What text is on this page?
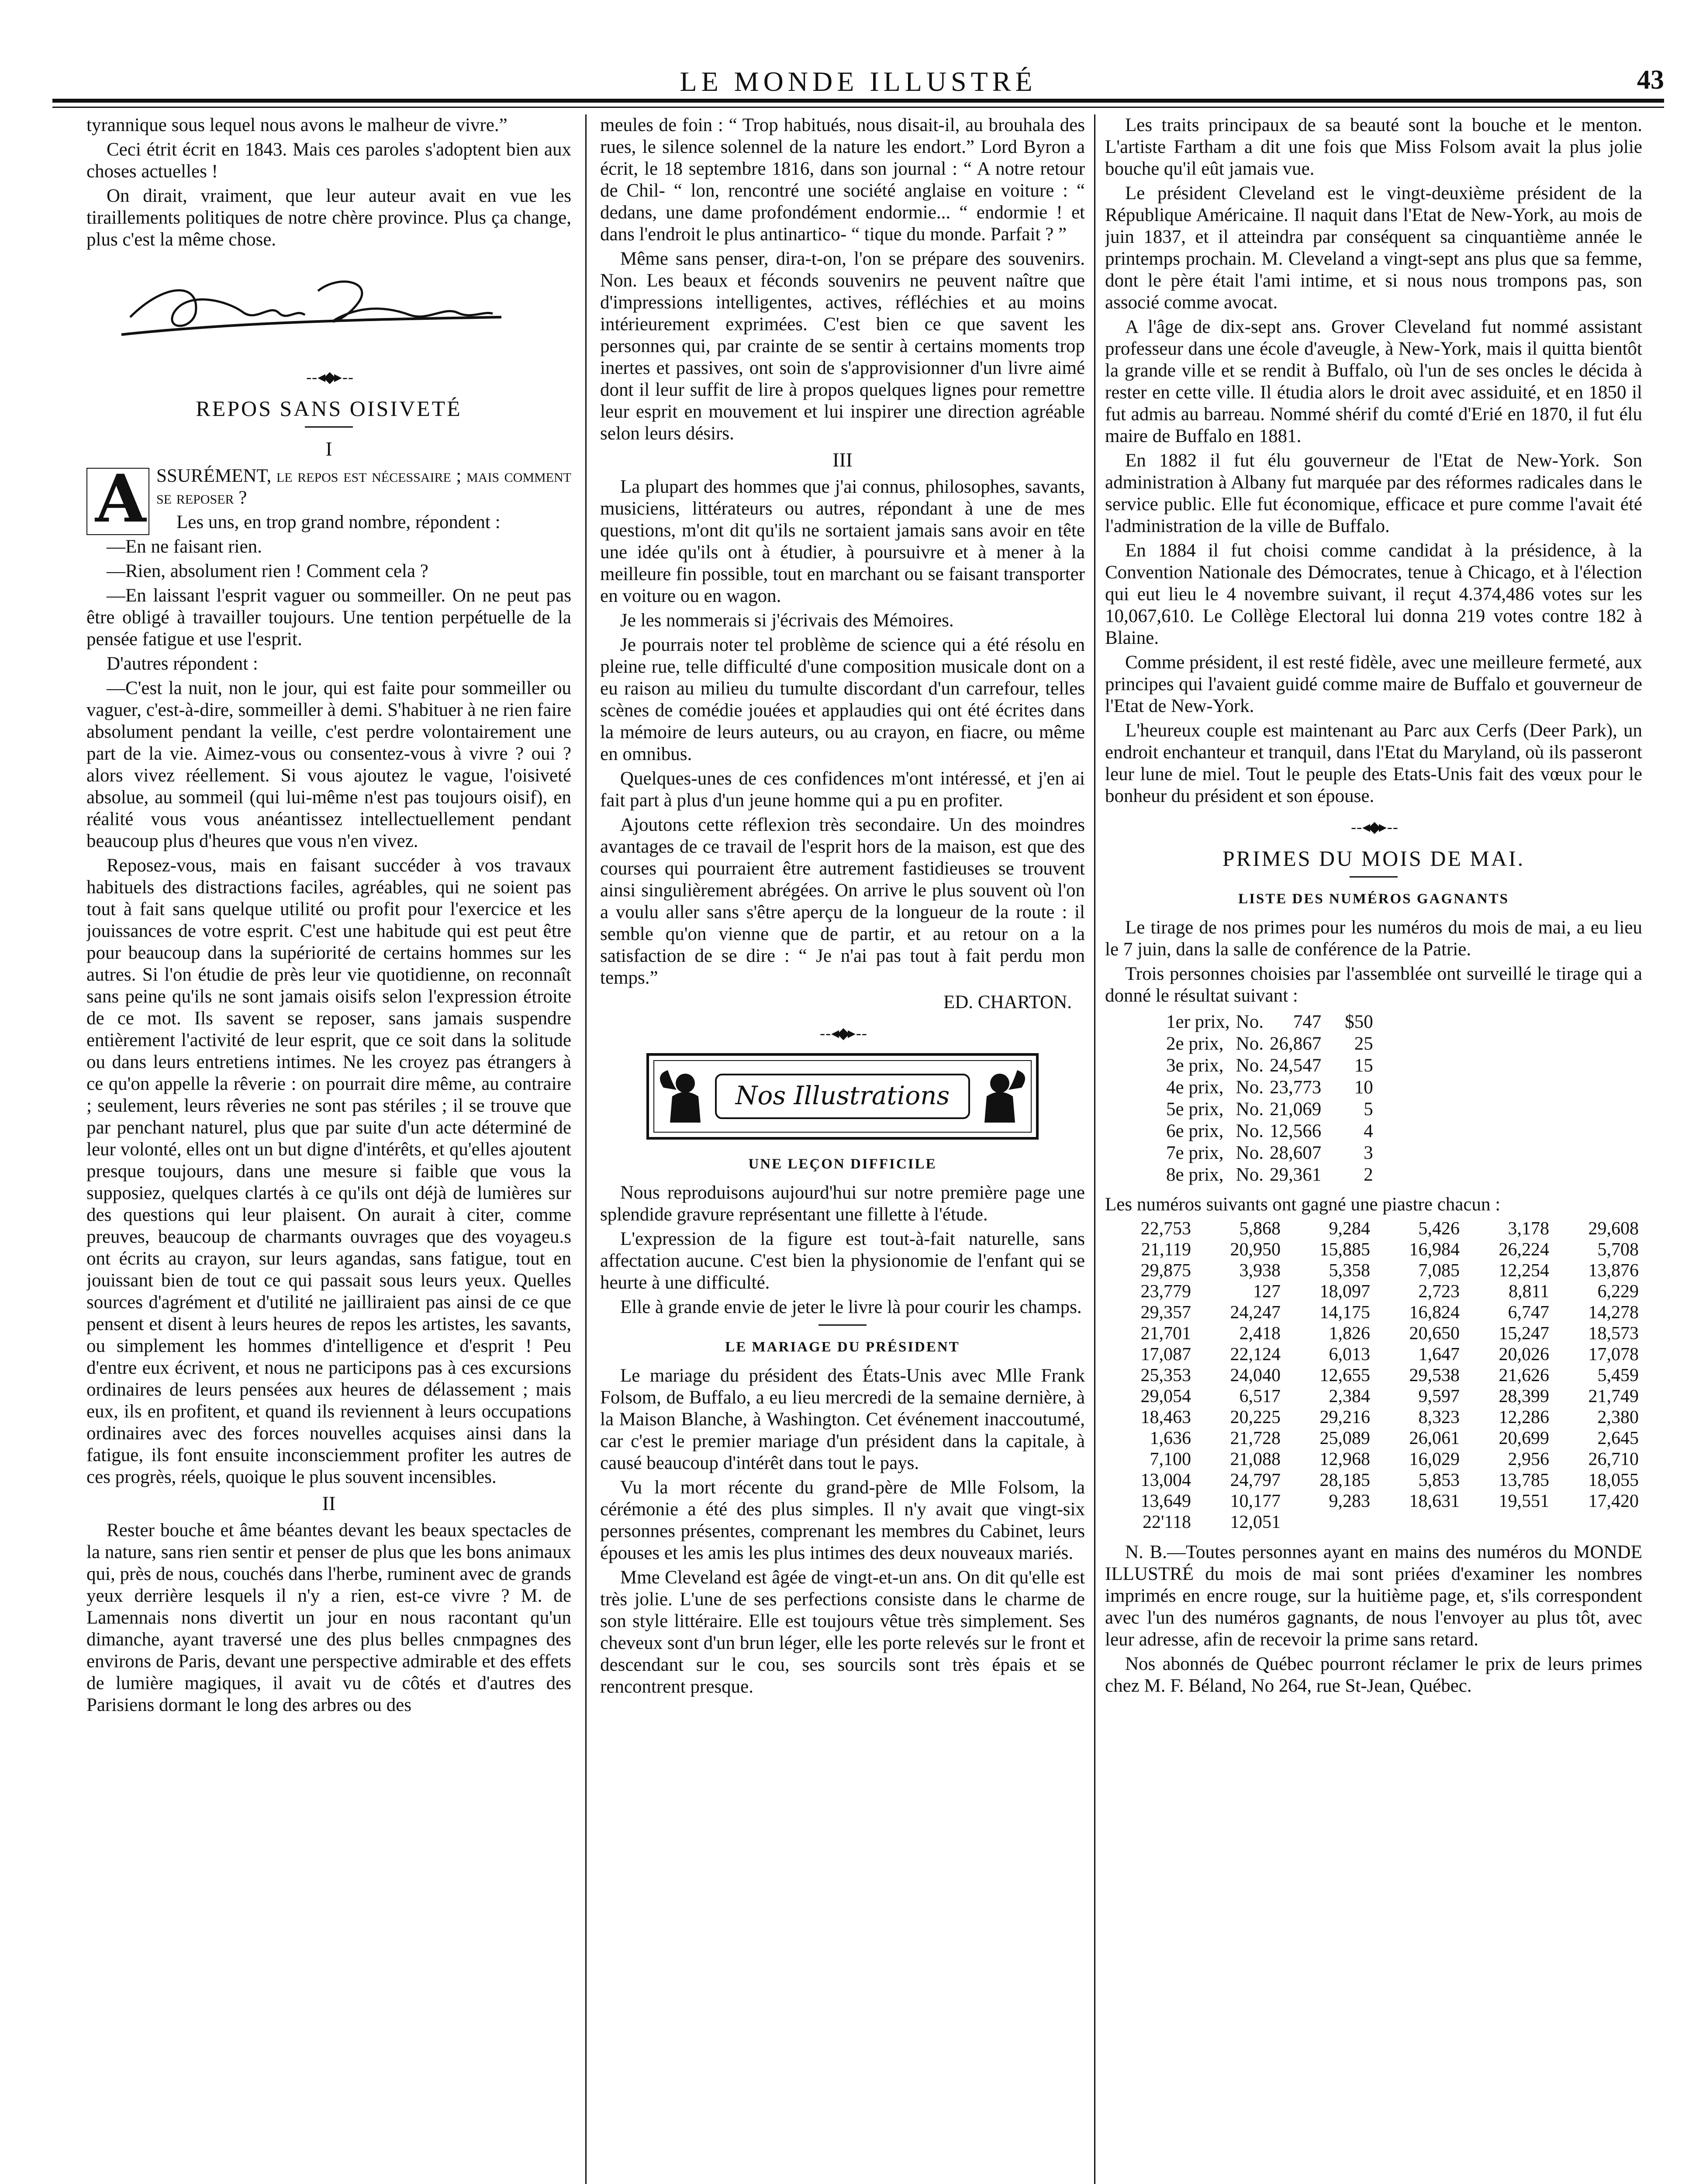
LE MONDE ILLUSTRÉ	43

tyrannique sous lequel nous avons le malheur de vivre.”

Ceci étrit écrit en 1843. Mais ces paroles s'adoptent bien aux choses actuelles !

On dirait, vraiment, que leur auteur avait en vue les tiraillements politiques de notre chère province. Plus ça change, plus c'est la même chose.

- - ◂◆▸ - -
REPOS SANS OISIVETÉ
I
A SSURÉMENT, le repos est nécessaire ; mais comment se reposer ?

Les uns, en trop grand nombre, répondent :

—En ne faisant rien.

—Rien, absolument rien ! Comment cela ?

—En laissant l'esprit vaguer ou sommeiller. On ne peut pas être obligé à travailler toujours. Une tention perpétuelle de la pensée fatigue et use l'esprit.

D'autres répondent :

—C'est la nuit, non le jour, qui est faite pour sommeiller ou vaguer, c'est-à-dire, sommeiller à demi. S'habituer à ne rien faire absolument pendant la veille, c'est perdre volontairement une part de la vie. Aimez-vous ou consentez-vous à vivre ? oui ? alors vivez réellement. Si vous ajoutez le vague, l'oisiveté absolue, au sommeil (qui lui-même n'est pas toujours oisif), en réalité vous vous anéantissez intellectuellement pendant beaucoup plus d'heures que vous n'en vivez.

Reposez-vous, mais en faisant succéder à vos travaux habituels des distractions faciles, agréables, qui ne soient pas tout à fait sans quelque utilité ou profit pour l'exercice et les jouissances de votre esprit. C'est une habitude qui est peut être pour beaucoup dans la supériorité de certains hommes sur les autres. Si l'on étudie de près leur vie quotidienne, on reconnaît sans peine qu'ils ne sont jamais oisifs selon l'expression étroite de ce mot. Ils savent se reposer, sans jamais suspendre entièrement l'activité de leur esprit, que ce soit dans la solitude ou dans leurs entretiens intimes. Ne les croyez pas étrangers à ce qu'on appelle la rêverie : on pourrait dire même, au contraire ; seulement, leurs rêveries ne sont pas stériles ; il se trouve que par penchant naturel, plus que par suite d'un acte déterminé de leur volonté, elles ont un but digne d'intérêts, et qu'elles ajoutent presque toujours, dans une mesure si faible que vous la supposiez, quelques clartés à ce qu'ils ont déjà de lumières sur des questions qui leur plaisent. On aurait à citer, comme preuves, beaucoup de charmants ouvrages que des voyageu.s ont écrits au crayon, sur leurs agandas, sans fatigue, tout en jouissant bien de tout ce qui passait sous leurs yeux. Quelles sources d'agrément et d'utilité ne jailliraient pas ainsi de ce que pensent et disent à leurs heures de repos les artistes, les savants, ou simplement les hommes d'intelligence et d'esprit ! Peu d'entre eux écrivent, et nous ne participons pas à ces excursions ordinaires de leurs pensées aux heures de délassement ; mais eux, ils en profitent, et quand ils reviennent à leurs occupations ordinaires avec des forces nouvelles acquises ainsi dans la fatigue, ils font ensuite inconsciemment profiter les autres de ces progrès, réels, quoique le plus souvent incensibles.

II

Rester bouche et âme béantes devant les beaux spectacles de la nature, sans rien sentir et penser de plus que les bons animaux qui, près de nous, couchés dans l'herbe, ruminent avec de grands yeux derrière lesquels il n'y a rien, est-ce vivre ? M. de Lamennais nons divertit un jour en nous racontant qu'un dimanche, ayant traversé une des plus belles cnmpagnes des environs de Paris, devant une perspective admirable et des effets de lumière magiques, il avait vu de côtés et d'autres des Parisiens dormant le long des arbres ou des

meules de foin : “ Trop habitués, nous disait-il, au brouhala des rues, le silence solennel de la nature les endort.” Lord Byron a écrit, le 18 septembre 1816, dans son journal : “ A notre retour de Chil- “ lon, rencontré une société anglaise en voiture : “ dedans, une dame profondément endormie... “ endormie ! et dans l'endroit le plus antinartico- “ tique du monde. Parfait ? ”

Même sans penser, dira-t-on, l'on se prépare des souvenirs. Non. Les beaux et féconds souvenirs ne peuvent naître que d'impressions intelligentes, actives, réfléchies et au moins intérieurement exprimées. C'est bien ce que savent les personnes qui, par crainte de se sentir à certains moments trop inertes et passives, ont soin de s'approvisionner d'un livre aimé dont il leur suffit de lire à propos quelques lignes pour remettre leur esprit en mouvement et lui inspirer une direction agréable selon leurs désirs.

III

La plupart des hommes que j'ai connus, philosophes, savants, musiciens, littérateurs ou autres, répondant à une de mes questions, m'ont dit qu'ils ne sortaient jamais sans avoir en tête une idée qu'ils ont à étudier, à poursuivre et à mener à la meilleure fin possible, tout en marchant ou se faisant transporter en voiture ou en wagon.

Je les nommerais si j'écrivais des Mémoires.

Je pourrais noter tel problème de science qui a été résolu en pleine rue, telle difficulté d'une composition musicale dont on a eu raison au milieu du tumulte discordant d'un carrefour, telles scènes de comédie jouées et applaudies qui ont été écrites dans la mémoire de leurs auteurs, ou au crayon, en fiacre, ou même en omnibus.

Quelques-unes de ces confidences m'ont intéressé, et j'en ai fait part à plus d'un jeune homme qui a pu en profiter.

Ajoutons cette réflexion très secondaire. Un des moindres avantages de ce travail de l'esprit hors de la maison, est que des courses qui pourraient être autrement fastidieuses se trouvent ainsi singulièrement abrégées. On arrive le plus souvent où l'on a voulu aller sans s'être aperçu de la longueur de la route : il semble qu'on vienne que de partir, et au retour on a la satisfaction de se dire : “ Je n'ai pas tout à fait perdu mon temps.”

ED. CHARTON.

- - ◂◆▸ - -
Nos Illustrations
UNE LEÇON DIFFICILE

Nous reproduisons aujourd'hui sur notre première page une splendide gravure représentant une fillette à l'étude.

L'expression de la figure est tout-à-fait naturelle, sans affectation aucune. C'est bien la physionomie de l'enfant qui se heurte à une difficulté.

Elle à grande envie de jeter le livre là pour courir les champs.

LE MARIAGE DU PRÉSIDENT

Le mariage du président des États-Unis avec Mlle Frank Folsom, de Buffalo, a eu lieu mercredi de la semaine dernière, à la Maison Blanche, à Washington. Cet événement inaccoutumé, car c'est le premier mariage d'un président dans la capitale, à causé beaucoup d'intérêt dans tout le pays.

Vu la mort récente du grand-père de Mlle Folsom, la cérémonie a été des plus simples. Il n'y avait que vingt-six personnes présentes, comprenant les membres du Cabinet, leurs épouses et les amis les plus intimes des deux nouveaux mariés.

Mme Cleveland est âgée de vingt-et-un ans. On dit qu'elle est très jolie. L'une de ses perfections consiste dans le charme de son style littéraire. Elle est toujours vêtue très simplement. Ses cheveux sont d'un brun léger, elle les porte relevés sur le front et descendant sur le cou, ses sourcils sont très épais et se rencontrent presque.

Les traits principaux de sa beauté sont la bouche et le menton. L'artiste Fartham a dit une fois que Miss Folsom avait la plus jolie bouche qu'il eût jamais vue.

Le président Cleveland est le vingt-deuxième président de la République Américaine. Il naquit dans l'Etat de New-York, au mois de juin 1837, et il atteindra par conséquent sa cinquantième année le printemps prochain. M. Cleveland a vingt-sept ans plus que sa femme, dont le père était l'ami intime, et si nous nous trompons pas, son associé comme avocat.

A l'âge de dix-sept ans. Grover Cleveland fut nommé assistant professeur dans une école d'aveugle, à New-York, mais il quitta bientôt la grande ville et se rendit à Buffalo, où l'un de ses oncles le décida à rester en cette ville. Il étudia alors le droit avec assiduité, et en 1850 il fut admis au barreau. Nommé shérif du comté d'Erié en 1870, il fut élu maire de Buffalo en 1881.

En 1882 il fut élu gouverneur de l'Etat de New-York. Son administration à Albany fut marquée par des réformes radicales dans le service public. Elle fut économique, efficace et pure comme l'avait été l'administration de la ville de Buffalo.

En 1884 il fut choisi comme candidat à la présidence, à la Convention Nationale des Démocrates, tenue à Chicago, et à l'élection qui eut lieu le 4 novembre suivant, il reçut 4.374,486 votes sur les 10,067,610. Le Collège Electoral lui donna 219 votes contre 182 à Blaine.

Comme président, il est resté fidèle, avec une meilleure fermeté, aux principes qui l'avaient guidé comme maire de Buffalo et gouverneur de l'Etat de New-York.

L'heureux couple est maintenant au Parc aux Cerfs (Deer Park), un endroit enchanteur et tranquil, dans l'Etat du Maryland, où ils passeront leur lune de miel. Tout le peuple des Etats-Unis fait des vœux pour le bonheur du président et son épouse.

- - ◂◆▸ - -
PRIMES DU MOIS DE MAI.
LISTE DES NUMÉROS GAGNANTS

Le tirage de nos primes pour les numéros du mois de mai, a eu lieu le 7 juin, dans la salle de conférence de la Patrie.

Trois personnes choisies par l'assemblée ont surveillé le tirage qui a donné le résultat suivant :

1er prix,	No.	747	$50
2e prix,	No.	26,867	25
3e prix,	No.	24,547	15
4e prix,	No.	23,773	10
5e prix,	No.	21,069	5
6e prix,	No.	12,566	4
7e prix,	No.	28,607	3
8e prix,	No.	29,361	2

Les numéros suivants ont gagné une piastre chacun :

22,753	5,868	9,284	5,426	3,178	29,608
21,119	20,950	15,885	16,984	26,224	5,708
29,875	3,938	5,358	7,085	12,254	13,876
23,779	127	18,097	2,723	8,811	6,229
29,357	24,247	14,175	16,824	6,747	14,278
21,701	2,418	1,826	20,650	15,247	18,573
17,087	22,124	6,013	1,647	20,026	17,078
25,353	24,040	12,655	29,538	21,626	5,459
29,054	6,517	2,384	9,597	28,399	21,749
18,463	20,225	29,216	8,323	12,286	2,380
1,636	21,728	25,089	26,061	20,699	2,645
7,100	21,088	12,968	16,029	2,956	26,710
13,004	24,797	28,185	5,853	13,785	18,055
13,649	10,177	9,283	18,631	19,551	17,420
22'118	12,051				

N. B.—Toutes personnes ayant en mains des numéros du MONDE ILLUSTRÉ du mois de mai sont priées d'examiner les nombres imprimés en encre rouge, sur la huitième page, et, s'ils correspondent avec l'un des numéros gagnants, de nous l'envoyer au plus tôt, avec leur adresse, afin de recevoir la prime sans retard.

Nos abonnés de Québec pourront réclamer le prix de leurs primes chez M. F. Béland, No 264, rue St-Jean, Québec.
